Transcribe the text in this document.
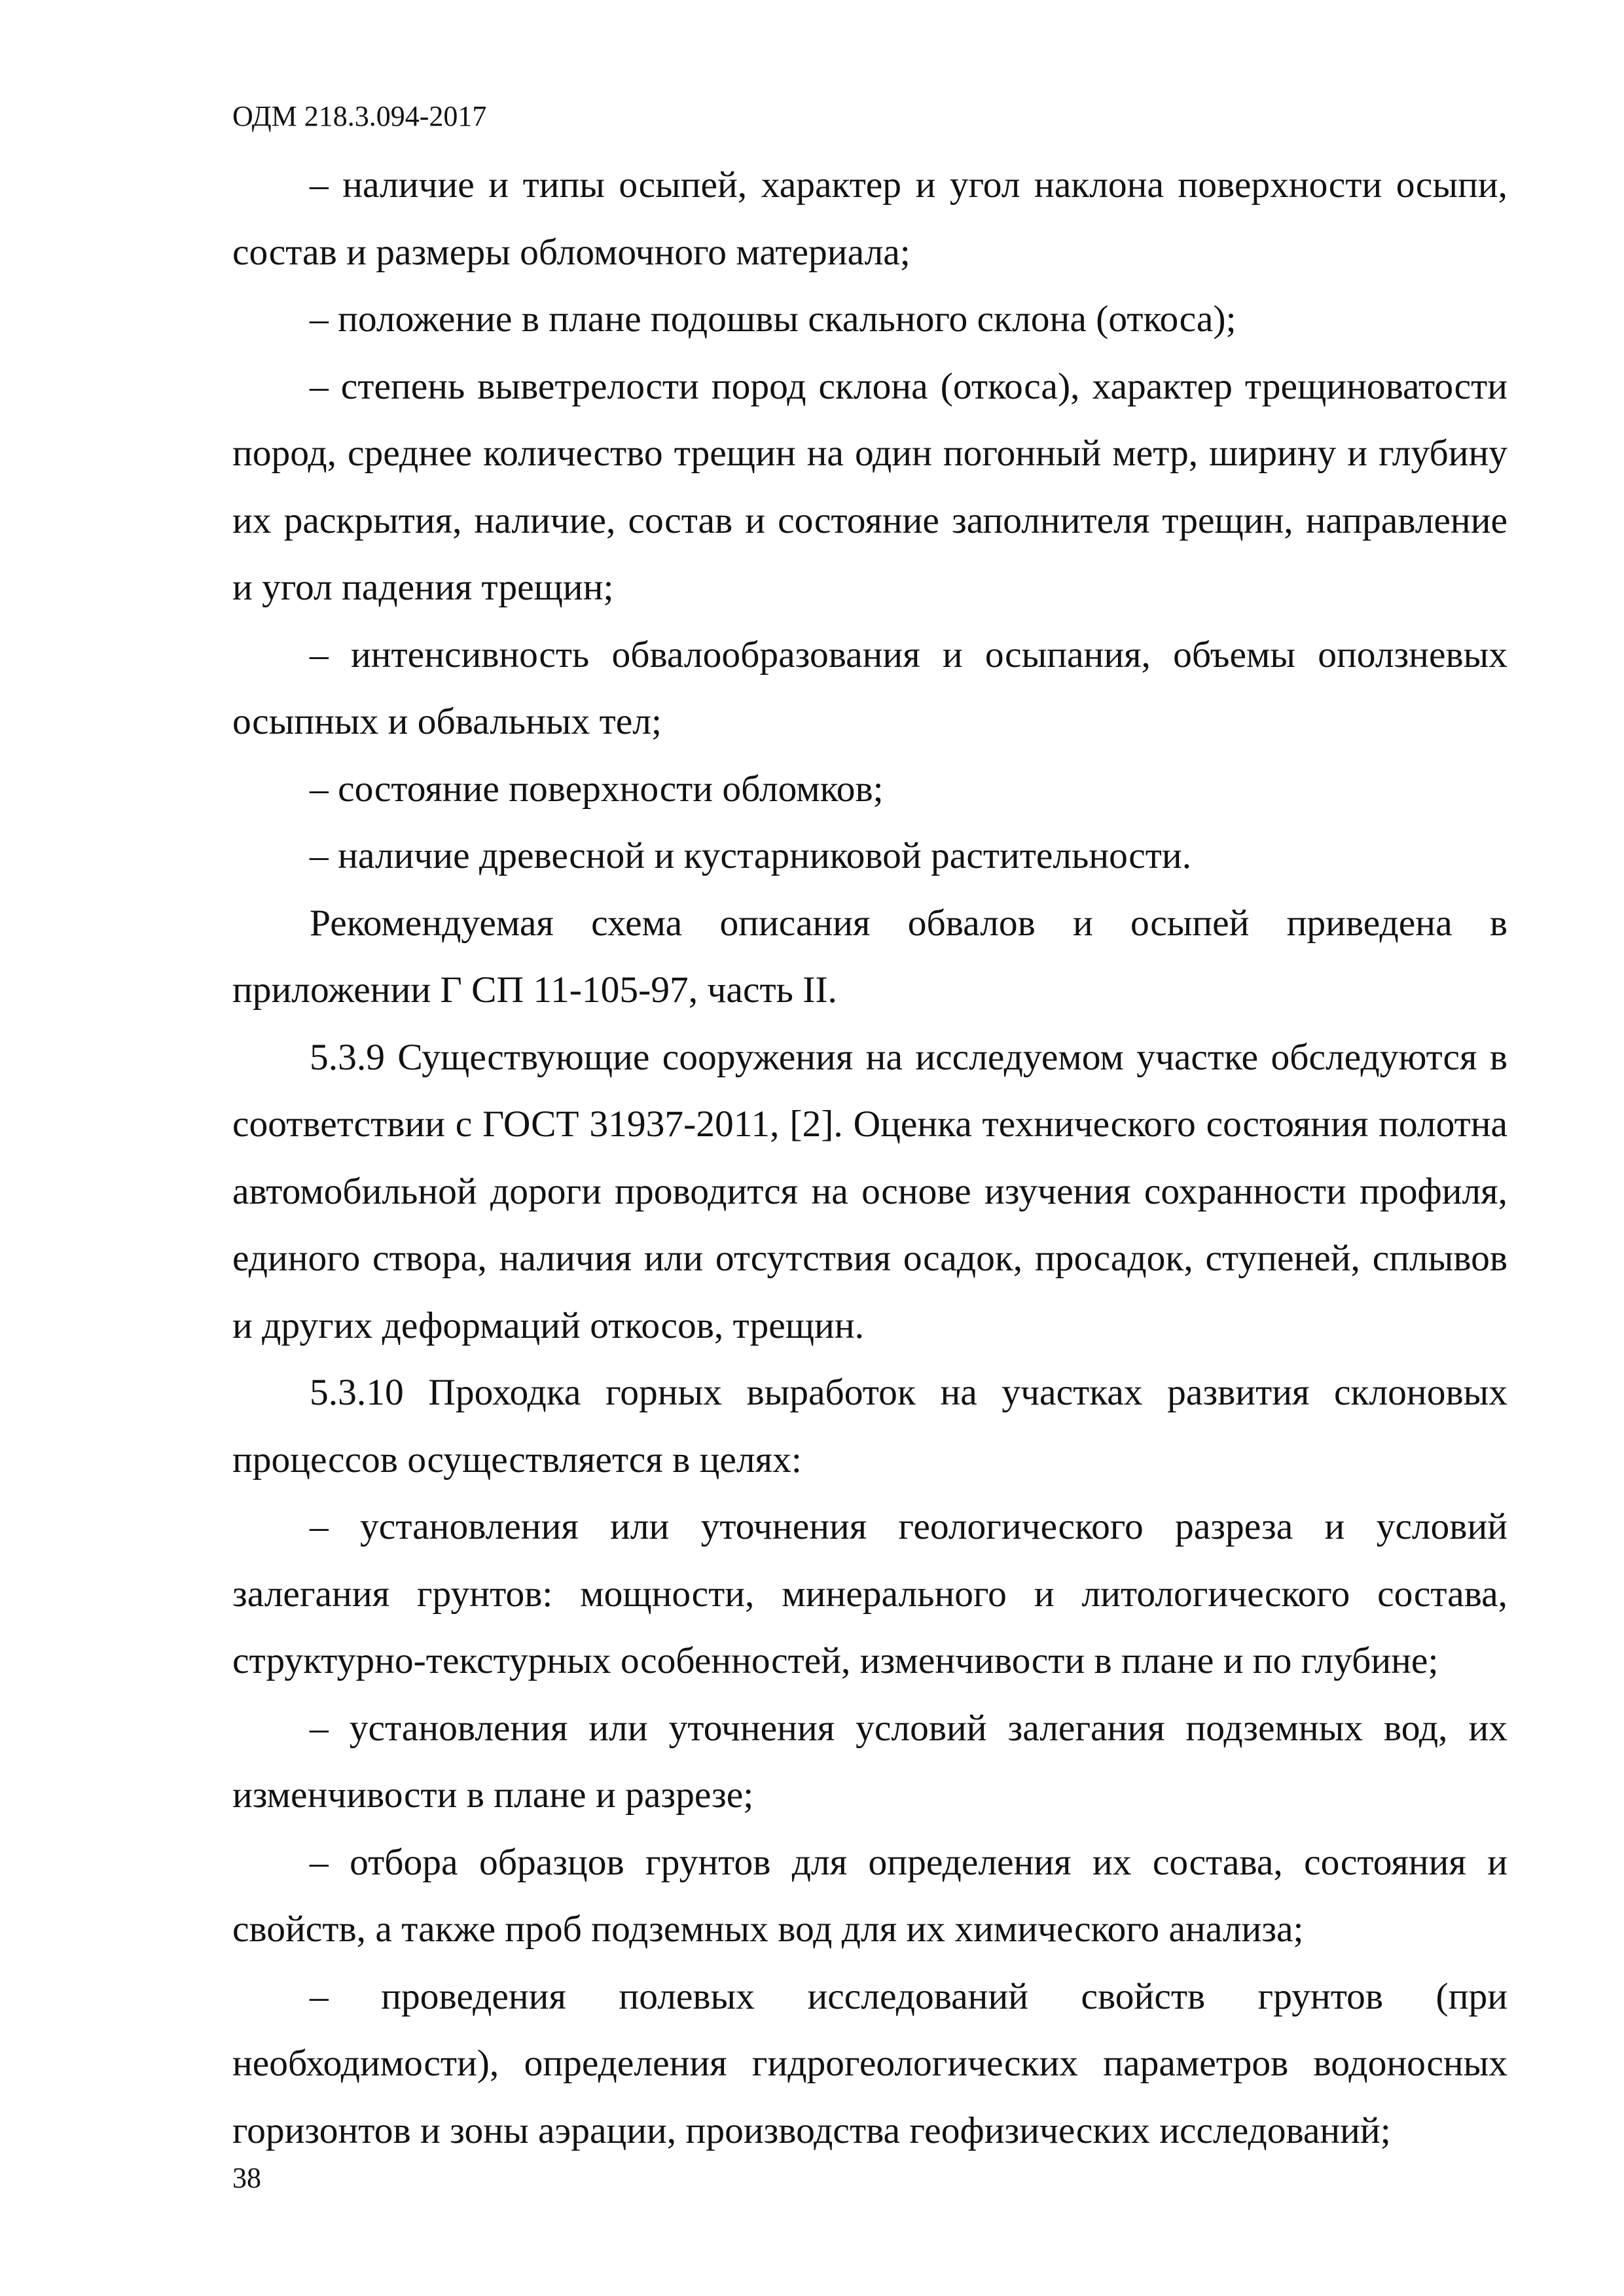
ОДМ 218.3.094-2017

– наличие и типы осыпей, характер и угол наклона поверхности осыпи, состав и размеры обломочного материала;

– положение в плане подошвы скального склона (откоса);

– степень выветрелости пород склона (откоса), характер трещиноватости пород, среднее количество трещин на один погонный метр, ширину и глубину их раскрытия, наличие, состав и состояние заполнителя трещин, направление и угол падения трещин;

– интенсивность обвалообразования и осыпания, объемы оползневых осыпных и обвальных тел;

– состояние поверхности обломков;

– наличие древесной и кустарниковой растительности.

Рекомендуемая схема описания обвалов и осыпей приведена в приложении Г СП 11-105-97, часть II.

5.3.9 Существующие сооружения на исследуемом участке обследуются в соответствии с ГОСТ 31937-2011, [2]. Оценка технического состояния полотна автомобильной дороги проводится на основе изучения сохранности профиля, единого створа, наличия или отсутствия осадок, просадок, ступеней, сплывов и других деформаций откосов, трещин.

5.3.10 Проходка горных выработок на участках развития склоновых процессов осуществляется в целях:

– установления или уточнения геологического разреза и условий залегания грунтов: мощности, минерального и литологического состава, структурно-текстурных особенностей, изменчивости в плане и по глубине;

– установления или уточнения условий залегания подземных вод, их изменчивости в плане и разрезе;

– отбора образцов грунтов для определения их состава, состояния и свойств, а также проб подземных вод для их химического анализа;

– проведения полевых исследований свойств грунтов (при необходимости), определения гидрогеологических параметров водоносных горизонтов и зоны аэрации, производства геофизических исследований;

38
